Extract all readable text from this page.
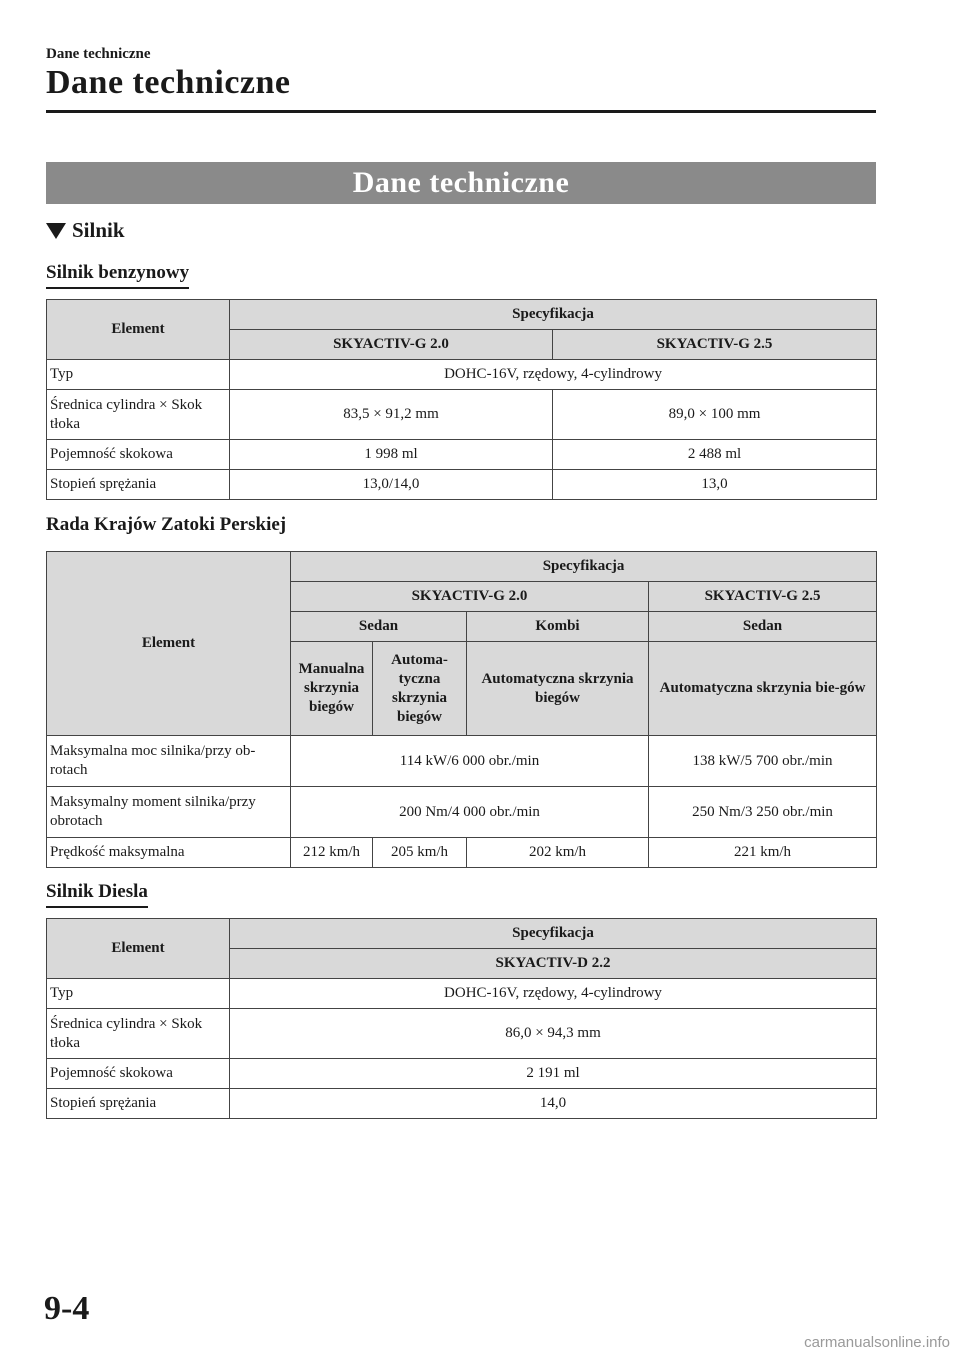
Dane techniczne
Dane techniczne
Dane techniczne
Silnik
Silnik benzynowy
Element	Specyfikacja	
	SKYACTIV-G 2.0	SKYACTIV-G 2.5
Typ	DOHC-16V, rzędowy, 4-cylindrowy	
Średnica cylindra × Skok tłoka	83,5 × 91,2 mm	89,0 × 100 mm
Pojemność skokowa	1 998 ml	2 488 ml
Stopień sprężania	13,0/14,0	13,0
Rada Krajów Zatoki Perskiej
Element	Specyfikacja			
	SKYACTIV-G 2.0			SKYACTIV-G 2.5
	Sedan		Kombi	Sedan
	Manualna skrzynia biegów	Automa-tyczna skrzynia biegów	Automatyczna skrzynia biegów	Automatyczna skrzynia bie-gów
Maksymalna moc silnika/przy ob-rotach	114 kW/6 000 obr./min			138 kW/5 700 obr./min
Maksymalny moment silnika/przy obrotach	200 Nm/4 000 obr./min			250 Nm/3 250 obr./min
Prędkość maksymalna	212 km/h	205 km/h	202 km/h	221 km/h
Silnik Diesla
Element	Specyfikacja
	SKYACTIV-D 2.2
Typ	DOHC-16V, rzędowy, 4-cylindrowy
Średnica cylindra × Skok tłoka	86,0 × 94,3 mm
Pojemność skokowa	2 191 ml
Stopień sprężania	14,0
9-4
carmanualsonline.info
